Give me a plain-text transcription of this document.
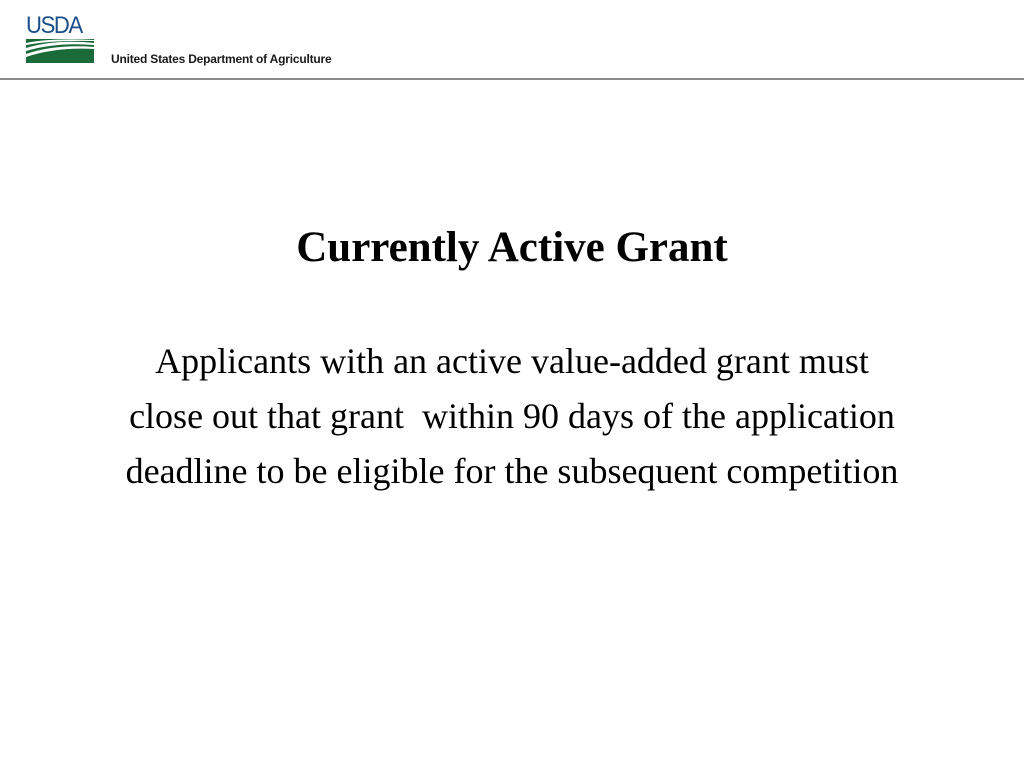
USDA
United States Department of Agriculture
Currently Active Grant
Applicants with an active value-added grant must  close out that grant  within 90 days of the application deadline to be eligible for the subsequent competition
